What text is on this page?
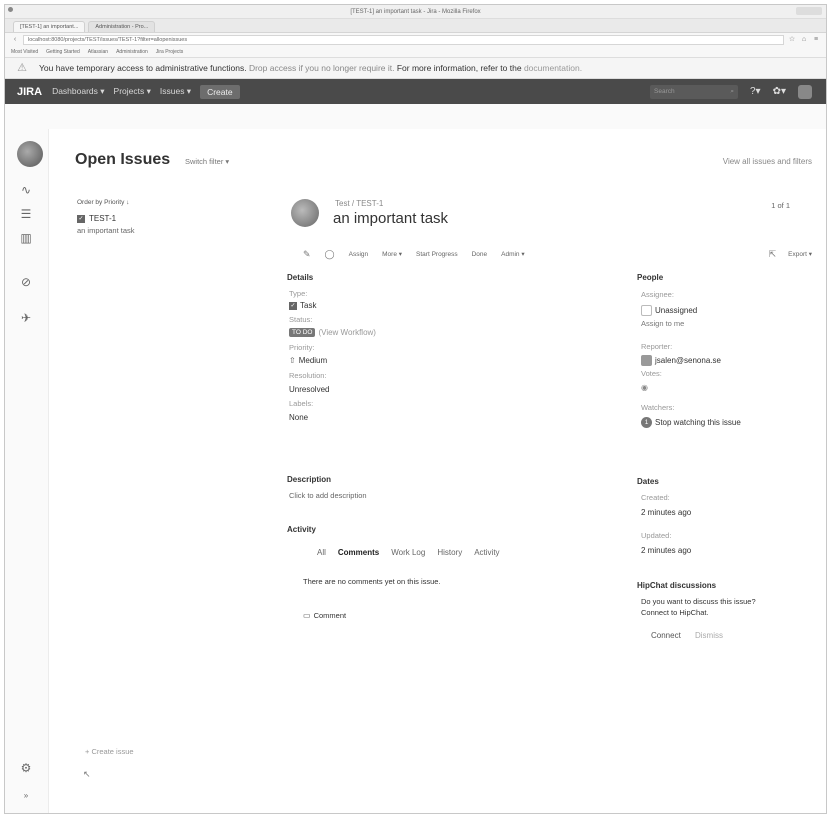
[TEST-1] an important task - Jira - Mozilla Firefox
[TEST-1] an important...	Administration - Pro...
‹	localhost:8080/projects/TEST/issues/TEST-1?filter=allopenissues	☆ ⌂ ≡
Most Visited Getting Started Atlassian Administration Jira Projects
⚠ You have temporary access to administrative functions. Drop access if you no longer require it. For more information, refer to the documentation.
JIRA Dashboards ▾ Projects ▾ Issues ▾	Create	Search	⌕ ?▾ ✿▾
∿
☰
▥
⊘
✈
⚙
»
Open Issues Switch filter ▾	View all issues and filters
Order by Priority ↓
✓ TEST-1
an important task
+ Create issue
↖
Test / TEST-1
an important task
1 of 1
✎ ◯ Assign More ▾ Start Progress Done Admin ▾	⇱ Export ▾
Details
Type:
✓ Task
Status:
TO DO (View Workflow)
Priority:
⇧ Medium
Resolution:
Unresolved
Labels:
None
Description
Click to add description
Activity
All Comments Work Log History Activity
There are no comments yet on this issue.
▭ Comment
People
Assignee:
Unassigned
Assign to me
Reporter:
jsalen@senona.se
Votes:
◉
Watchers:
1 Stop watching this issue
Dates
Created:
2 minutes ago
Updated:
2 minutes ago
HipChat discussions
Do you want to discuss this issue?
Connect to HipChat.
Connect Dismiss
